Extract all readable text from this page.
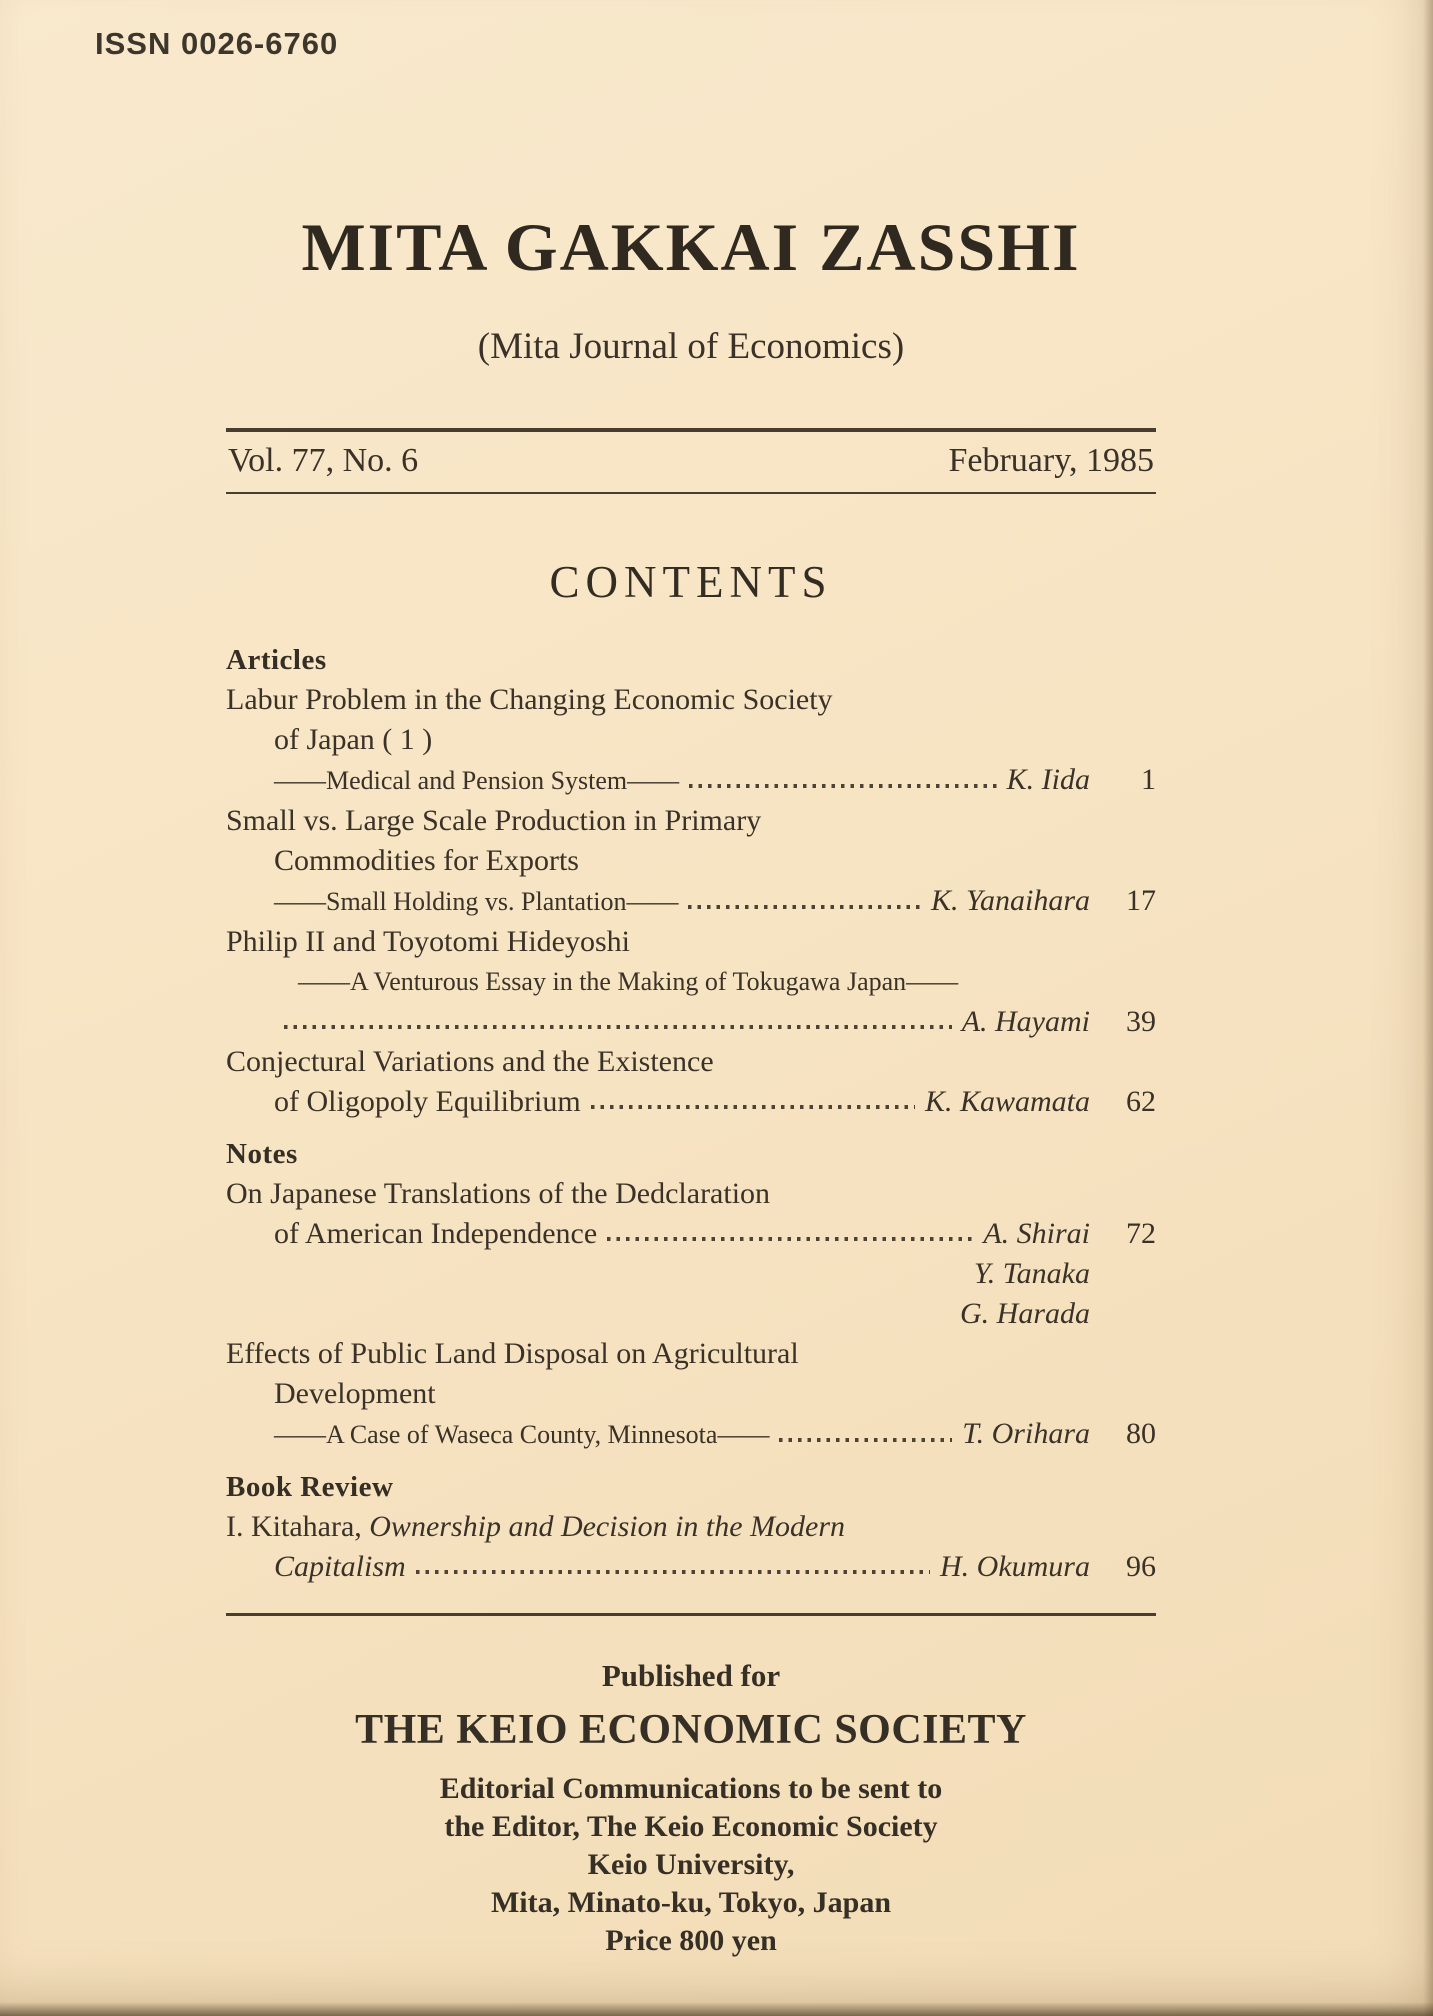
ISSN 0026-6760
MITA GAKKAI ZASSHI
(Mita Journal of Economics)
Vol. 77, No. 6	February, 1985
CONTENTS
Articles
Labur Problem in the Changing Economic Society
of Japan ( 1 )
——Medical and Pension System——	K. Iida	1
Small vs. Large Scale Production in Primary
Commodities for Exports
——Small Holding vs. Plantation——	K. Yanaihara	17
Philip II and Toyotomi Hideyoshi
——A Venturous Essay in the Making of Tokugawa Japan——
A. Hayami	39
Conjectural Variations and the Existence
of Oligopoly Equilibrium	K. Kawamata	62
Notes
On Japanese Translations of the Dedclaration
of American Independence	A. Shirai	72
Y. Tanaka
G. Harada
Effects of Public Land Disposal on Agricultural
Development
——A Case of Waseca County, Minnesota——	T. Orihara	80
Book Review
I. Kitahara, Ownership and Decision in the Modern
Capitalism	H. Okumura	96
Published for
THE KEIO ECONOMIC SOCIETY
Editorial Communications to be sent to
the Editor, The Keio Economic Society
Keio University,
Mita, Minato-ku, Tokyo, Japan
Price 800 yen
